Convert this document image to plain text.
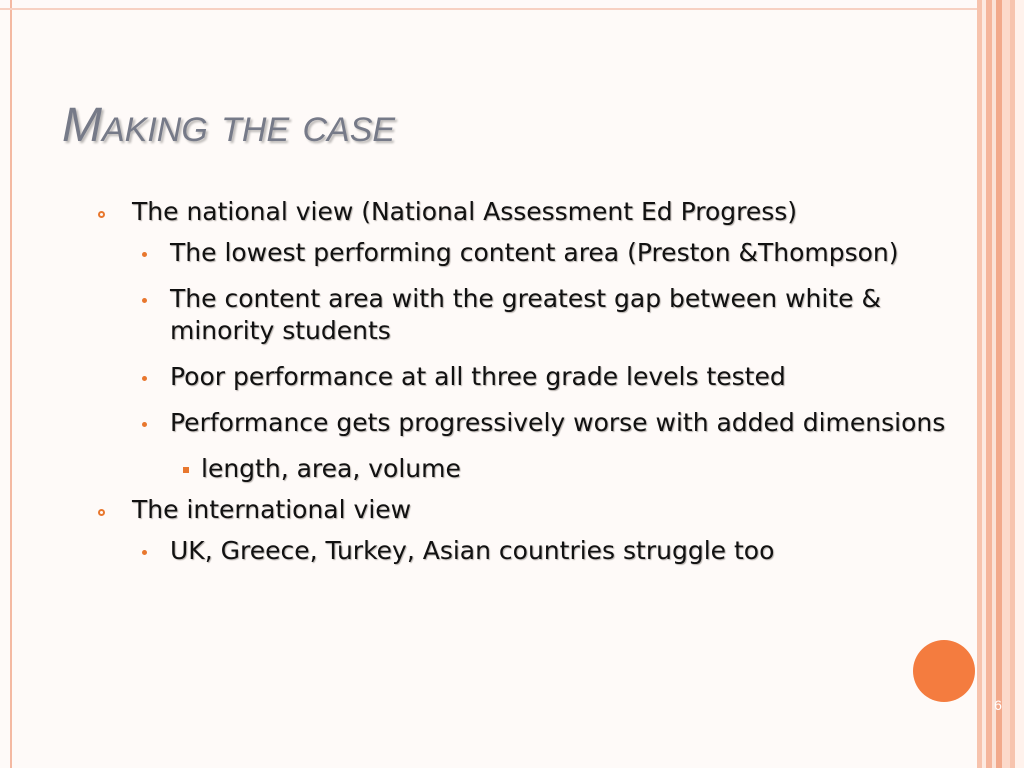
Making the case
The national view (National Assessment Ed Progress)
The lowest performing content area (Preston &Thompson)
The content area with the greatest gap between white & minority students
Poor performance at all three grade levels tested
Performance gets progressively worse with added dimensions
length, area, volume
The international view
UK, Greece, Turkey, Asian countries struggle too
6
